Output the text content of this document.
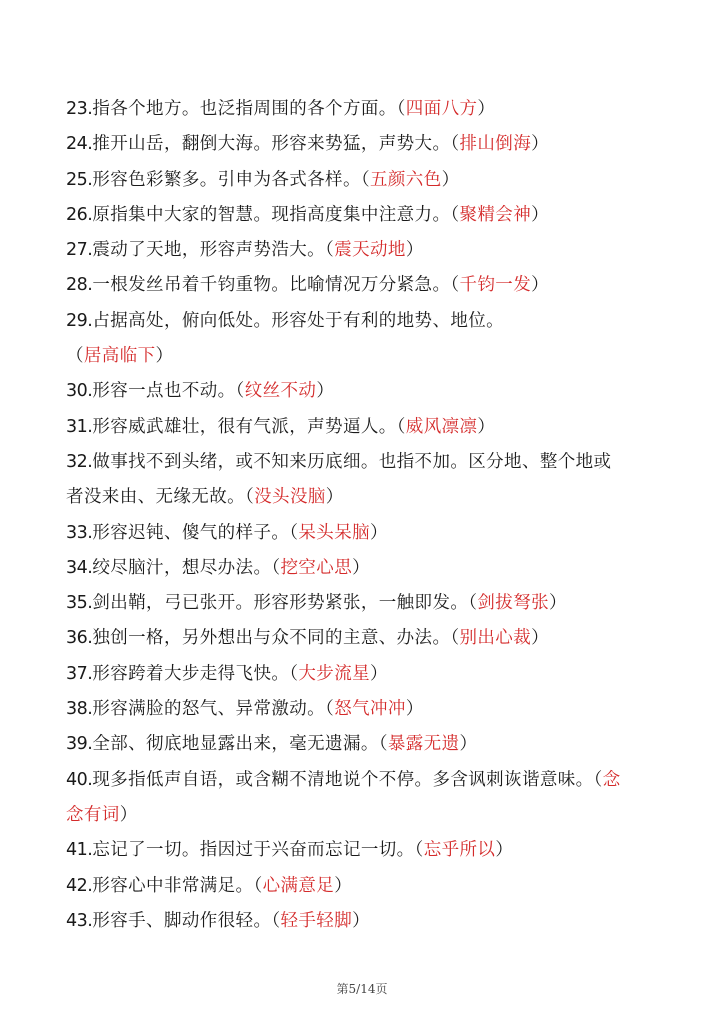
23.指各个地方。也泛指周围的各个方面。（四面八方）
24.推开山岳，翻倒大海。形容来势猛，声势大。（排山倒海）
25.形容色彩繁多。引申为各式各样。（五颜六色）
26.原指集中大家的智慧。现指高度集中注意力。（聚精会神）
27.震动了天地，形容声势浩大。（震天动地）
28.一根发丝吊着千钧重物。比喻情况万分紧急。（千钧一发）
29.占据高处，俯向低处。形容处于有利的地势、地位。
（居高临下）
30.形容一点也不动。（纹丝不动）
31.形容威武雄壮，很有气派，声势逼人。（威风凛凛）
32.做事找不到头绪，或不知来历底细。也指不加。区分地、整个地或
者没来由、无缘无故。（没头没脑）
33.形容迟钝、傻气的样子。（呆头呆脑）
34.绞尽脑汁，想尽办法。（挖空心思）
35.剑出鞘，弓已张开。形容形势紧张，一触即发。（剑拔弩张）
36.独创一格，另外想出与众不同的主意、办法。（别出心裁）
37.形容跨着大步走得飞快。（大步流星）
38.形容满脸的怒气、异常激动。（怒气冲冲）
39.全部、彻底地显露出来，毫无遗漏。（暴露无遗）
40.现多指低声自语，或含糊不清地说个不停。多含讽刺诙谐意味。（念
念有词）
41.忘记了一切。指因过于兴奋而忘记一切。（忘乎所以）
42.形容心中非常满足。（心满意足）
43.形容手、脚动作很轻。（轻手轻脚）
第5/14页
